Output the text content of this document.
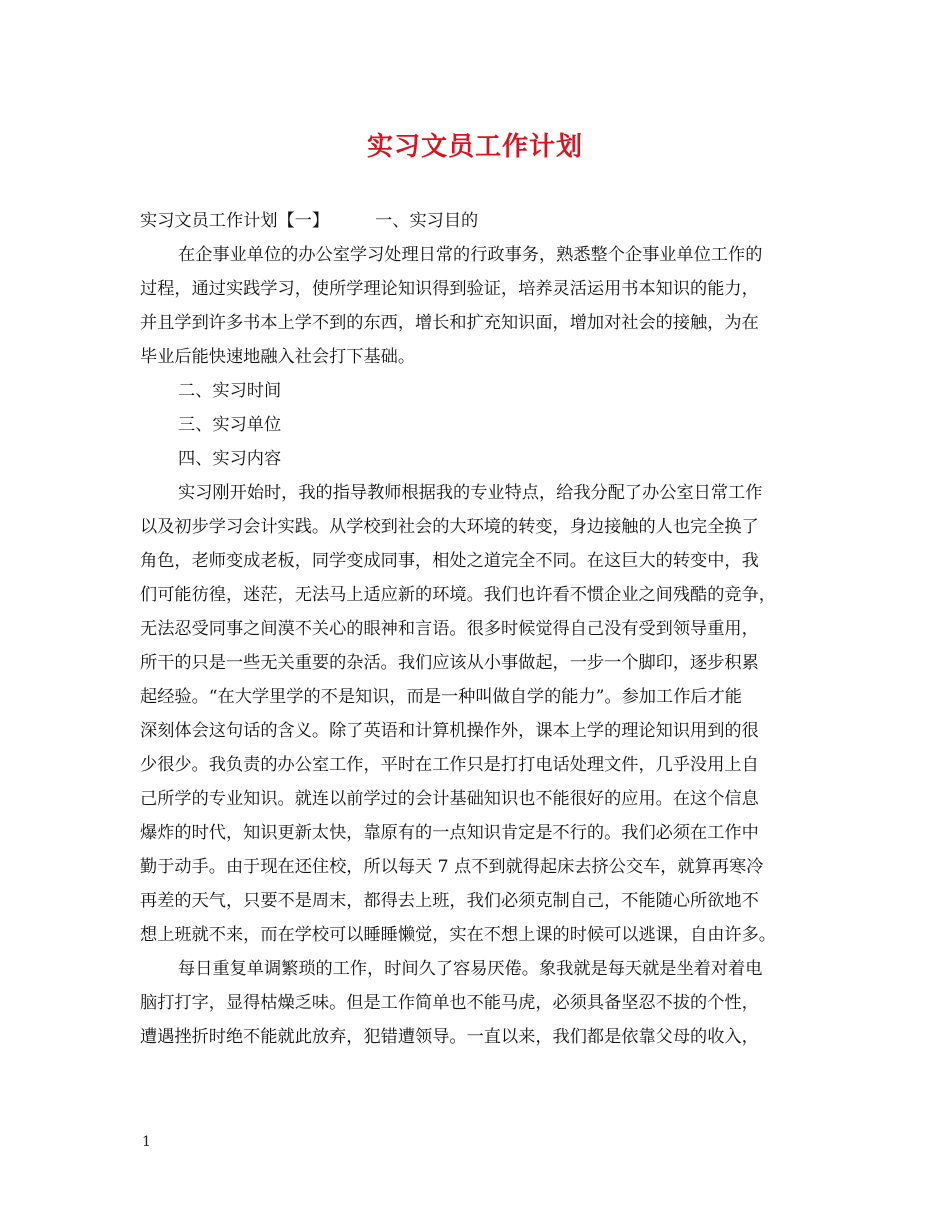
实习文员工作计划
实习文员工作计划【一】	一、实习目的
在企事业单位的办公室学习处理日常的行政事务，熟悉整个企事业单位工作的
过程，通过实践学习，使所学理论知识得到验证，培养灵活运用书本知识的能力，
并且学到许多书本上学不到的东西，增长和扩充知识面，增加对社会的接触，为在
毕业后能快速地融入社会打下基础。
二、实习时间
三、实习单位
四、实习内容
实习刚开始时，我的指导教师根据我的专业特点，给我分配了办公室日常工作
以及初步学习会计实践。从学校到社会的大环境的转变，身边接触的人也完全换了
角色，老师变成老板，同学变成同事，相处之道完全不同。在这巨大的转变中，我
们可能彷徨，迷茫，无法马上适应新的环境。我们也许看不惯企业之间残酷的竞争，
无法忍受同事之间漠不关心的眼神和言语。很多时候觉得自己没有受到领导重用，
所干的只是一些无关重要的杂活。我们应该从小事做起，一步一个脚印，逐步积累
起经验。“在大学里学的不是知识，而是一种叫做自学的能力”。参加工作后才能
深刻体会这句话的含义。除了英语和计算机操作外，课本上学的理论知识用到的很
少很少。我负责的办公室工作，平时在工作只是打打电话处理文件，几乎没用上自
己所学的专业知识。就连以前学过的会计基础知识也不能很好的应用。在这个信息
爆炸的时代，知识更新太快，靠原有的一点知识肯定是不行的。我们必须在工作中
勤于动手。由于现在还住校，所以每天 7 点不到就得起床去挤公交车，就算再寒冷
再差的天气，只要不是周末，都得去上班，我们必须克制自己，不能随心所欲地不
想上班就不来，而在学校可以睡睡懒觉，实在不想上课的时候可以逃课，自由许多。
每日重复单调繁琐的工作，时间久了容易厌倦。象我就是每天就是坐着对着电
脑打打字，显得枯燥乏味。但是工作简单也不能马虎，必须具备坚忍不拔的个性，
遭遇挫折时绝不能就此放弃，犯错遭领导。一直以来，我们都是依靠父母的收入，
1
